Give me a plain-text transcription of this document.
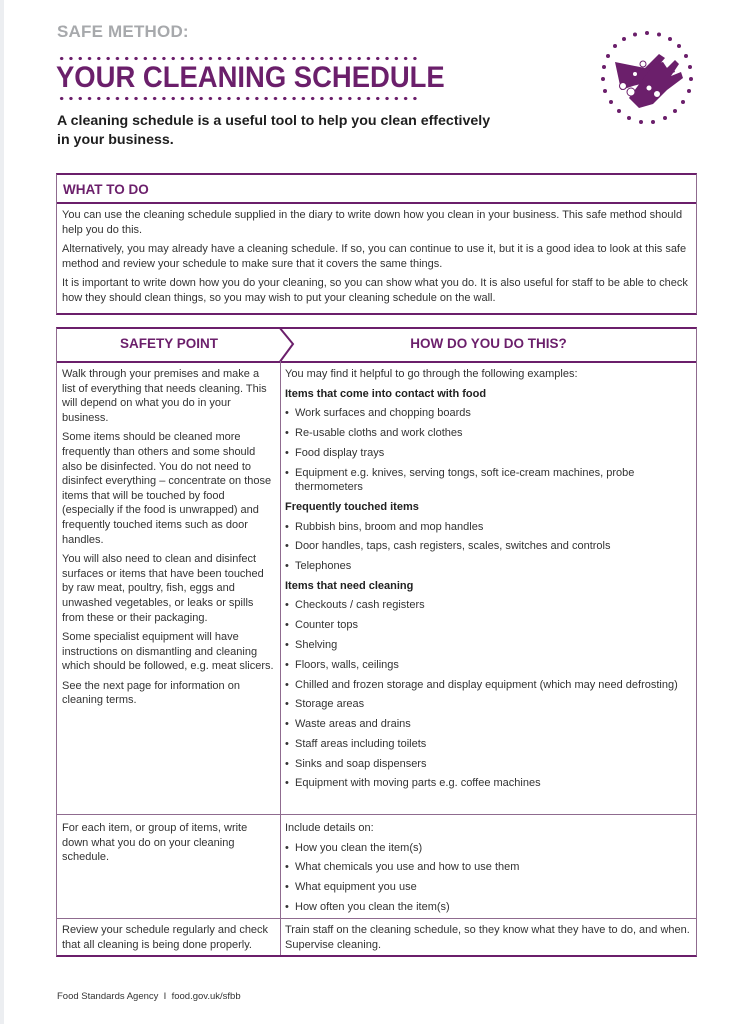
SAFE METHOD:
YOUR CLEANING SCHEDULE
A cleaning schedule is a useful tool to help you clean effectively in your business.
WHAT TO DO

You can use the cleaning schedule supplied in the diary to write down how you clean in your business. This safe method should help you do this.

Alternatively, you may already have a cleaning schedule. If so, you can continue to use it, but it is a good idea to look at this safe method and review your schedule to make sure that it covers the same things.

It is important to write down how you do your cleaning, so you can show what you do. It is also useful for staff to be able to check how they should clean things, so you may wish to put your cleaning schedule on the wall.

SAFETY POINT	HOW DO YOU DO THIS?

Walk through your premises and make a list of everything that needs cleaning. This will depend on what you do in your business.

Some items should be cleaned more frequently than others and some should also be disinfected. You do not need to disinfect everything – concentrate on those items that will be touched by food (especially if the food is unwrapped) and frequently touched items such as door handles.

You will also need to clean and disinfect surfaces or items that have been touched by raw meat, poultry, fish, eggs and unwashed vegetables, or leaks or spills from these or their packaging.

Some specialist equipment will have instructions on dismantling and cleaning which should be followed, e.g. meat slicers.

See the next page for information on cleaning terms.

You may find it helpful to go through the following examples:

Items that come into contact with food
• Work surfaces and chopping boards
• Re-usable cloths and work clothes
• Food display trays
• Equipment e.g. knives, serving tongs, soft ice-cream machines, probe thermometers
Frequently touched items
• Rubbish bins, broom and mop handles
• Door handles, taps, cash registers, scales, switches and controls
• Telephones
Items that need cleaning
• Checkouts / cash registers
• Counter tops
• Shelving
• Floors, walls, ceilings
• Chilled and frozen storage and display equipment (which may need defrosting)
• Storage areas
• Waste areas and drains
• Staff areas including toilets
• Sinks and soap dispensers
• Equipment with moving parts e.g. coffee machines

For each item, or group of items, write down what you do on your cleaning schedule.

Include details on:

• How you clean the item(s)
• What chemicals you use and how to use them
• What equipment you use
• How often you clean the item(s)

Review your schedule regularly and check that all cleaning is being done properly.

Train staff on the cleaning schedule, so they know what they have to do, and when. Supervise cleaning.

Food Standards Agency  I  food.gov.uk/sfbb
